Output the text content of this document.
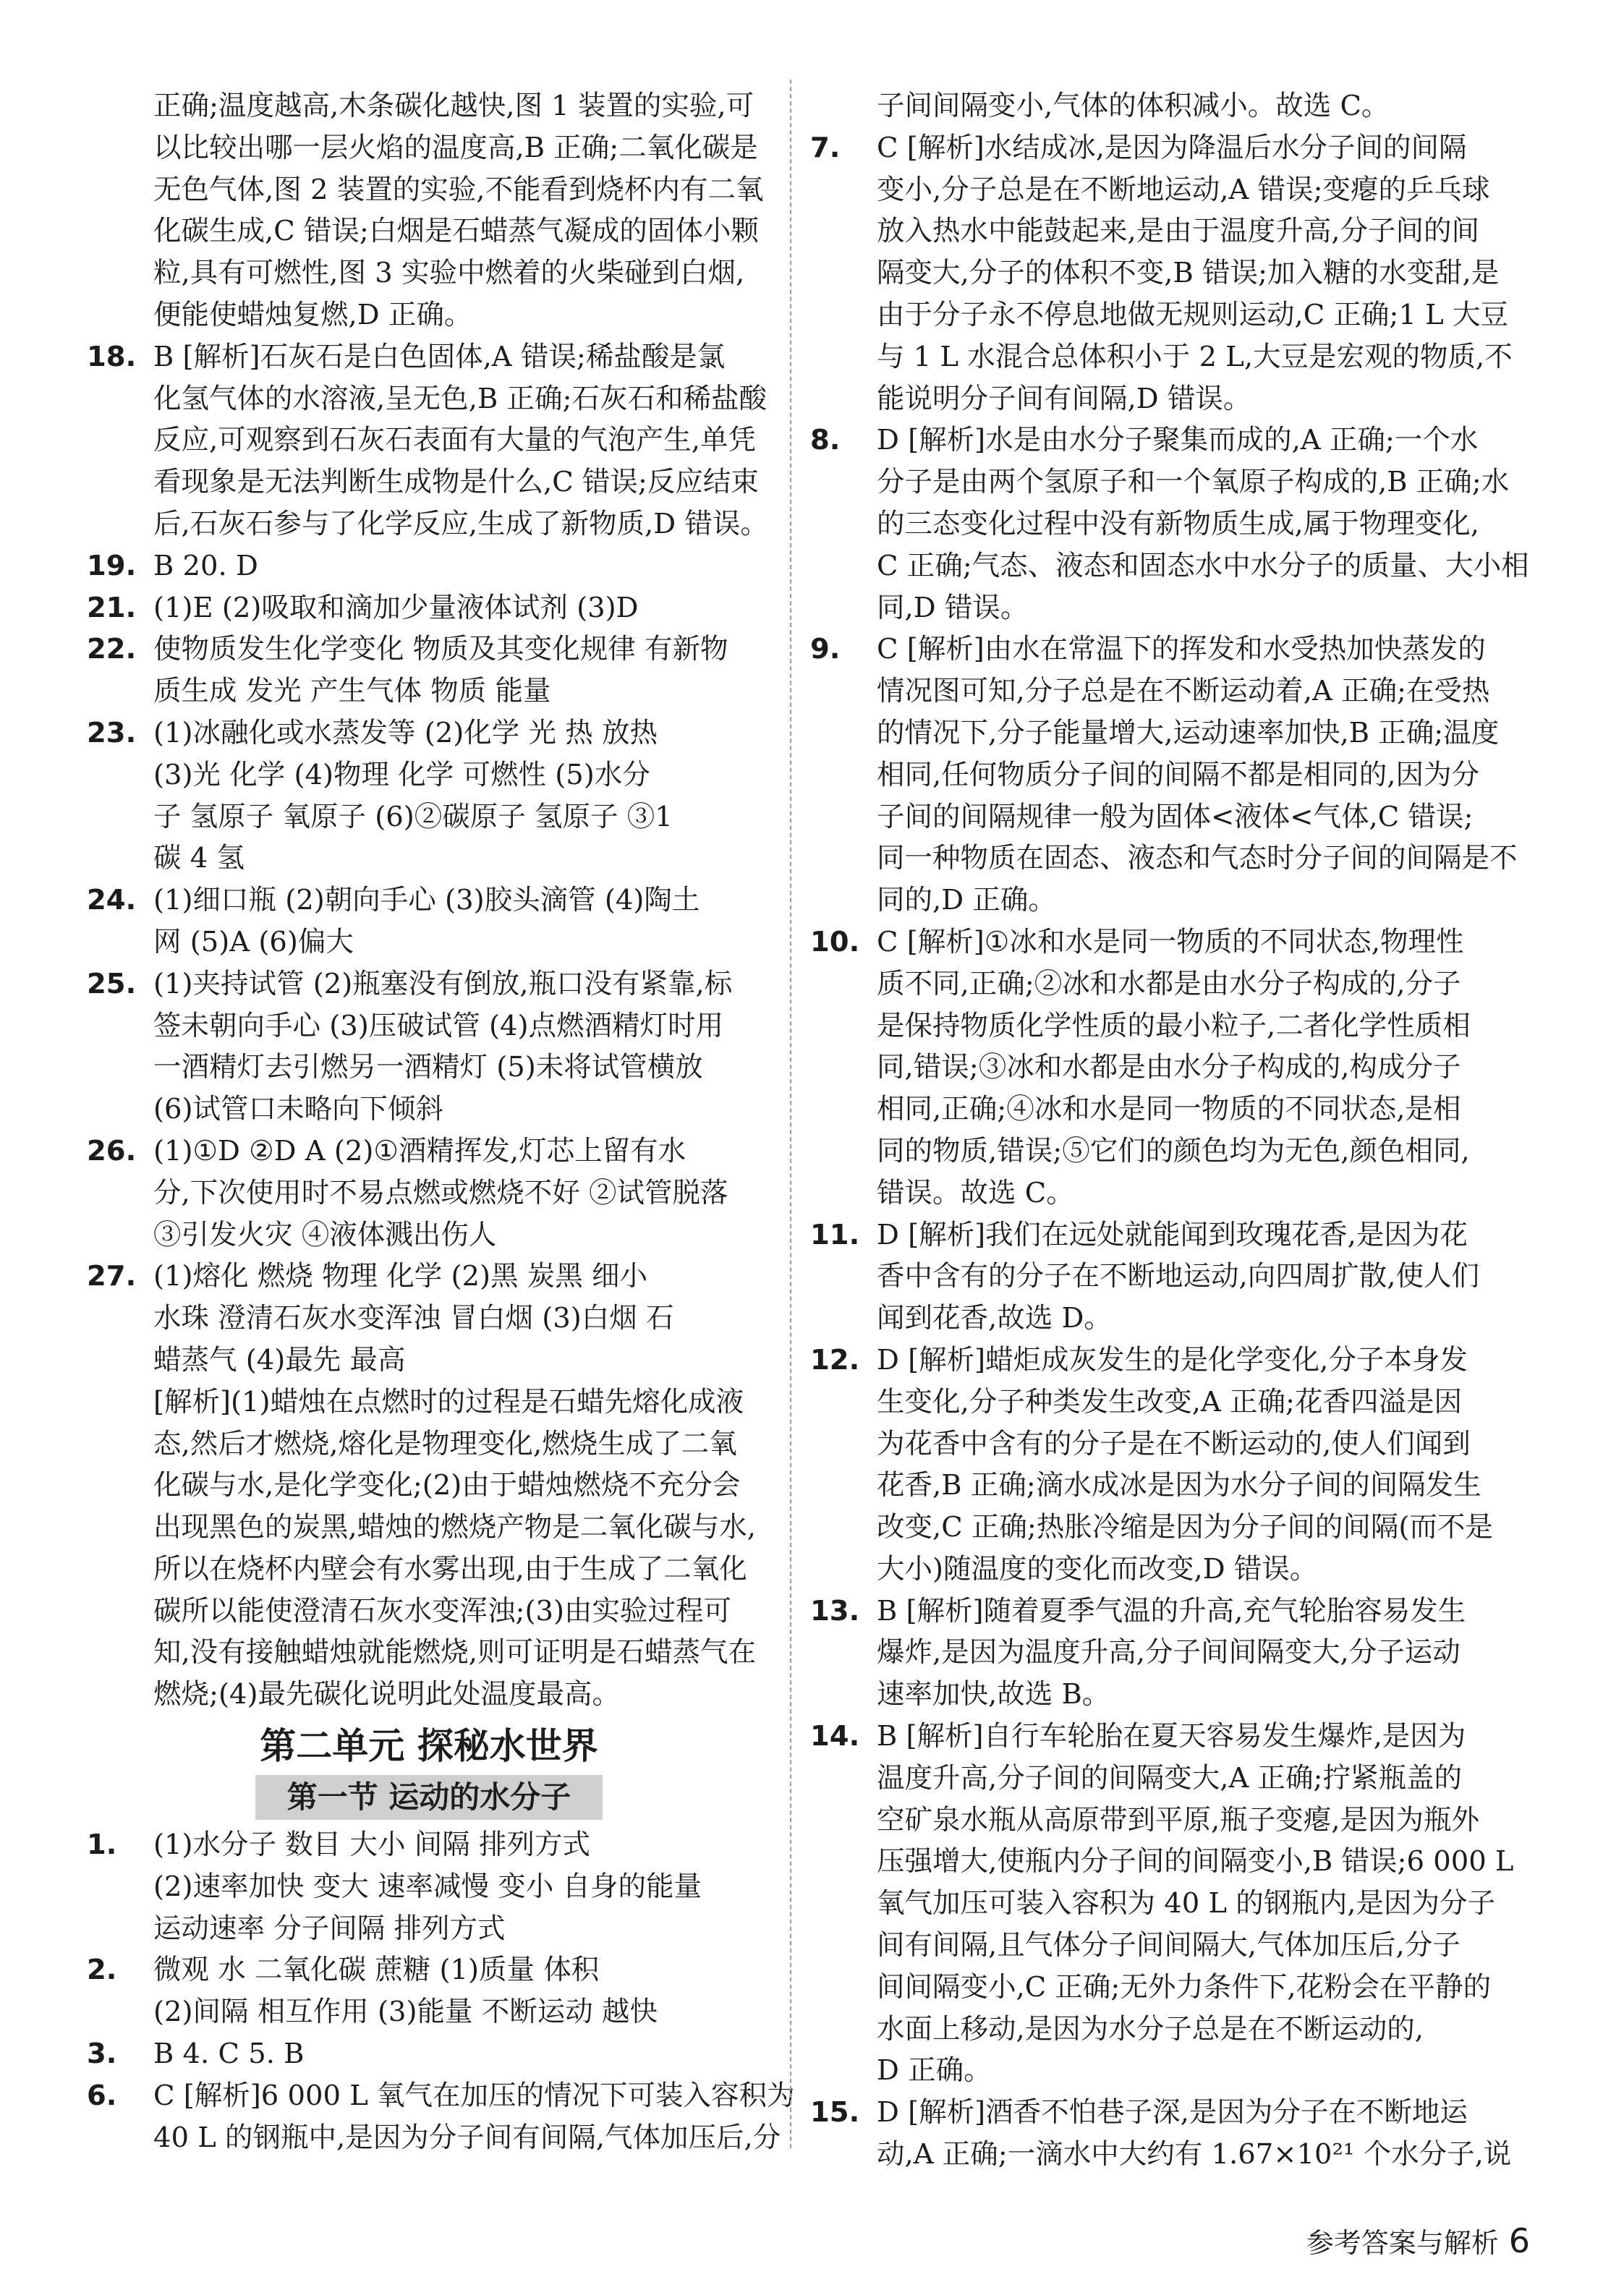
正确;温度越高,木条碳化越快,图 1 装置的实验,可
以比较出哪一层火焰的温度高,B 正确;二氧化碳是
无色气体,图 2 装置的实验,不能看到烧杯内有二氧
化碳生成,C 错误;白烟是石蜡蒸气凝成的固体小颗
粒,具有可燃性,图 3 实验中燃着的火柴碰到白烟,
便能使蜡烛复燃,D 正确。
18. B [解析]石灰石是白色固体,A 错误;稀盐酸是氯
化氢气体的水溶液,呈无色,B 正确;石灰石和稀盐酸
反应,可观察到石灰石表面有大量的气泡产生,单凭
看现象是无法判断生成物是什么,C 错误;反应结束
后,石灰石参与了化学反应,生成了新物质,D 错误。
19. B 20. D
21. (1)E (2)吸取和滴加少量液体试剂 (3)D
22. 使物质发生化学变化 物质及其变化规律 有新物
质生成 发光 产生气体 物质 能量
23. (1)冰融化或水蒸发等 (2)化学 光 热 放热
(3)光 化学 (4)物理 化学 可燃性 (5)水分
子 氢原子 氧原子 (6)②碳原子 氢原子 ③1
碳 4 氢
24. (1)细口瓶 (2)朝向手心 (3)胶头滴管 (4)陶土
网 (5)A (6)偏大
25. (1)夹持试管 (2)瓶塞没有倒放,瓶口没有紧靠,标
签未朝向手心 (3)压破试管 (4)点燃酒精灯时用
一酒精灯去引燃另一酒精灯 (5)未将试管横放
(6)试管口未略向下倾斜
26. (1)①D ②D A (2)①酒精挥发,灯芯上留有水
分,下次使用时不易点燃或燃烧不好 ②试管脱落
③引发火灾 ④液体溅出伤人
27. (1)熔化 燃烧 物理 化学 (2)黑 炭黑 细小
水珠 澄清石灰水变浑浊 冒白烟 (3)白烟 石
蜡蒸气 (4)最先 最高
[解析](1)蜡烛在点燃时的过程是石蜡先熔化成液
态,然后才燃烧,熔化是物理变化,燃烧生成了二氧
化碳与水,是化学变化;(2)由于蜡烛燃烧不充分会
出现黑色的炭黑,蜡烛的燃烧产物是二氧化碳与水,
所以在烧杯内壁会有水雾出现,由于生成了二氧化
碳所以能使澄清石灰水变浑浊;(3)由实验过程可
知,没有接触蜡烛就能燃烧,则可证明是石蜡蒸气在
燃烧;(4)最先碳化说明此处温度最高。
第二单元 探秘水世界
第一节 运动的水分子
1. (1)水分子 数目 大小 间隔 排列方式
(2)速率加快 变大 速率减慢 变小 自身的能量
运动速率 分子间隔 排列方式
2. 微观 水 二氧化碳 蔗糖 (1)质量 体积
(2)间隔 相互作用 (3)能量 不断运动 越快
3. B 4. C 5. B
6. C [解析]6 000 L 氧气在加压的情况下可装入容积为
40 L 的钢瓶中,是因为分子间有间隔,气体加压后,分
子间间隔变小,气体的体积减小。故选 C。
7. C [解析]水结成冰,是因为降温后水分子间的间隔
变小,分子总是在不断地运动,A 错误;变瘪的乒乓球
放入热水中能鼓起来,是由于温度升高,分子间的间
隔变大,分子的体积不变,B 错误;加入糖的水变甜,是
由于分子永不停息地做无规则运动,C 正确;1 L 大豆
与 1 L 水混合总体积小于 2 L,大豆是宏观的物质,不
能说明分子间有间隔,D 错误。
8. D [解析]水是由水分子聚集而成的,A 正确;一个水
分子是由两个氢原子和一个氧原子构成的,B 正确;水
的三态变化过程中没有新物质生成,属于物理变化,
C 正确;气态、液态和固态水中水分子的质量、大小相
同,D 错误。
9. C [解析]由水在常温下的挥发和水受热加快蒸发的
情况图可知,分子总是在不断运动着,A 正确;在受热
的情况下,分子能量增大,运动速率加快,B 正确;温度
相同,任何物质分子间的间隔不都是相同的,因为分
子间的间隔规律一般为固体<液体<气体,C 错误;
同一种物质在固态、液态和气态时分子间的间隔是不
同的,D 正确。
10. C [解析]①冰和水是同一物质的不同状态,物理性
质不同,正确;②冰和水都是由水分子构成的,分子
是保持物质化学性质的最小粒子,二者化学性质相
同,错误;③冰和水都是由水分子构成的,构成分子
相同,正确;④冰和水是同一物质的不同状态,是相
同的物质,错误;⑤它们的颜色均为无色,颜色相同,
错误。故选 C。
11. D [解析]我们在远处就能闻到玫瑰花香,是因为花
香中含有的分子在不断地运动,向四周扩散,使人们
闻到花香,故选 D。
12. D [解析]蜡炬成灰发生的是化学变化,分子本身发
生变化,分子种类发生改变,A 正确;花香四溢是因
为花香中含有的分子是在不断运动的,使人们闻到
花香,B 正确;滴水成冰是因为水分子间的间隔发生
改变,C 正确;热胀冷缩是因为分子间的间隔(而不是
大小)随温度的变化而改变,D 错误。
13. B [解析]随着夏季气温的升高,充气轮胎容易发生
爆炸,是因为温度升高,分子间间隔变大,分子运动
速率加快,故选 B。
14. B [解析]自行车轮胎在夏天容易发生爆炸,是因为
温度升高,分子间的间隔变大,A 正确;拧紧瓶盖的
空矿泉水瓶从高原带到平原,瓶子变瘪,是因为瓶外
压强增大,使瓶内分子间的间隔变小,B 错误;6 000 L
氧气加压可装入容积为 40 L 的钢瓶内,是因为分子
间有间隔,且气体分子间间隔大,气体加压后,分子
间间隔变小,C 正确;无外力条件下,花粉会在平静的
水面上移动,是因为水分子总是在不断运动的,
D 正确。
15. D [解析]酒香不怕巷子深,是因为分子在不断地运
动,A 正确;一滴水中大约有 1.67×10²¹ 个水分子,说
参考答案与解析 6
